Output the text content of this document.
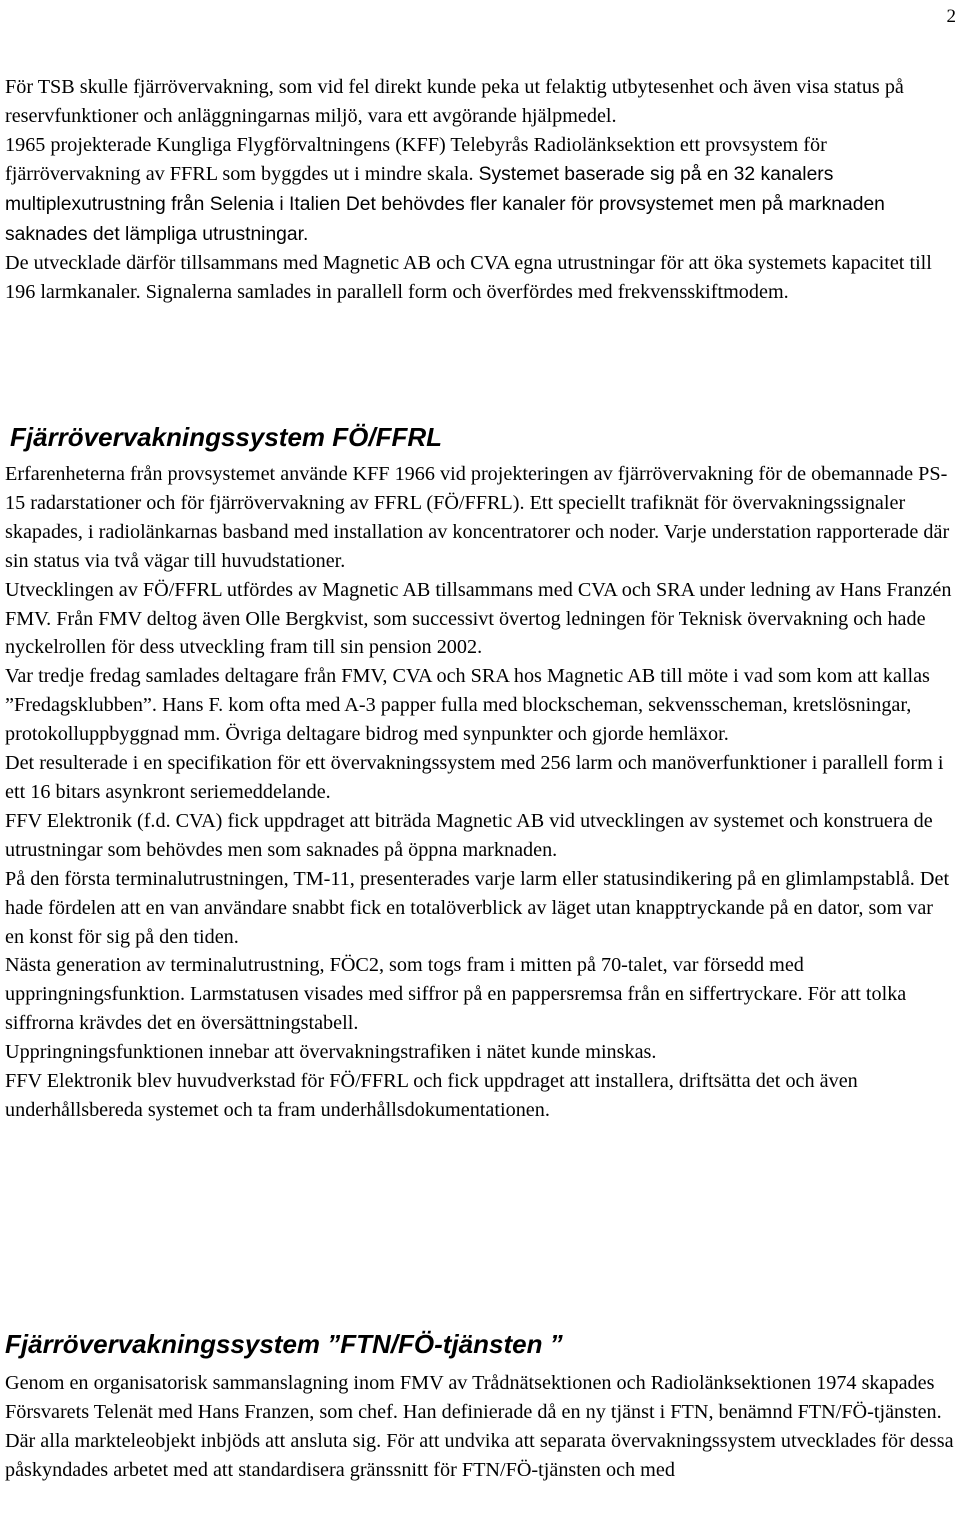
2

För TSB skulle fjärrövervakning, som vid fel direkt kunde peka ut felaktig utbytesenhet och även visa status på reservfunktioner och anläggningarnas miljö, vara ett avgörande hjälpmedel.

1965 projekterade Kungliga Flygförvaltningens (KFF) Telebyrås Radiolänksektion ett provsystem för fjärrövervakning av FFRL som byggdes ut i mindre skala. Systemet baserade sig på en 32 kanalers multiplexutrustning från Selenia i Italien Det behövdes fler kanaler för provsystemet men på marknaden saknades det lämpliga utrustningar.

De utvecklade därför tillsammans med Magnetic AB och CVA egna utrustningar för att öka systemets kapacitet till 196 larmkanaler. Signalerna samlades in parallell form och överfördes med frekvensskiftmodem.

Fjärrövervakningssystem FÖ/FFRL

Erfarenheterna från provsystemet använde KFF 1966 vid projekteringen av fjärrövervakning för de obemannade PS-15 radarstationer och för fjärrövervakning av FFRL (FÖ/FFRL). Ett speciellt trafiknät för övervakningssignaler skapades, i radiolänkarnas basband med installation av koncentratorer och noder. Varje understation rapporterade där sin status via två vägar till huvudstationer.

Utvecklingen av FÖ/FFRL utfördes av Magnetic AB tillsammans med CVA och SRA under ledning av Hans Franzén FMV. Från FMV deltog även Olle Bergkvist, som successivt övertog ledningen för Teknisk övervakning och hade nyckelrollen för dess utveckling fram till sin pension 2002.

Var tredje fredag samlades deltagare från FMV, CVA och SRA hos Magnetic AB till möte i vad som kom att kallas ”Fredagsklubben”. Hans F. kom ofta med A-3 papper fulla med blockscheman, sekvensscheman, kretslösningar, protokolluppbyggnad mm. Övriga deltagare bidrog med synpunkter och gjorde hemläxor.

Det resulterade i en specifikation för ett övervakningssystem med 256 larm och manöverfunktioner i parallell form i ett 16 bitars asynkront seriemeddelande.

FFV Elektronik (f.d. CVA) fick uppdraget att biträda Magnetic AB vid utvecklingen av systemet och konstruera de utrustningar som behövdes men som saknades på öppna marknaden.

På den första terminalutrustningen, TM-11, presenterades varje larm eller statusindikering på en glimlampstablå. Det hade fördelen att en van användare snabbt fick en totalöverblick av läget utan knapptryckande på en dator, som var en konst för sig på den tiden.

Nästa generation av terminalutrustning, FÖC2, som togs fram i mitten på 70-talet, var försedd med uppringningsfunktion. Larmstatusen visades med siffror på en pappersremsa från en siffertryckare. För att tolka siffrorna krävdes det en översättningstabell.

Uppringningsfunktionen innebar att övervakningstrafiken i nätet kunde minskas.

FFV Elektronik blev huvudverkstad för FÖ/FFRL och fick uppdraget att installera, driftsätta det och även underhållsbereda systemet och ta fram underhållsdokumentationen.

Fjärrövervakningssystem ”FTN/FÖ-tjänsten ”

Genom en organisatorisk sammanslagning inom FMV av Trådnätsektionen och Radiolänksektionen 1974 skapades Försvarets Telenät med Hans Franzen, som chef. Han definierade då en ny tjänst i FTN, benämnd FTN/FÖ-tjänsten. Där alla markteleobjekt inbjöds att ansluta sig. För att undvika att separata övervakningssystem utvecklades för dessa påskyndades arbetet med att standardisera gränssnitt för FTN/FÖ-tjänsten och med
